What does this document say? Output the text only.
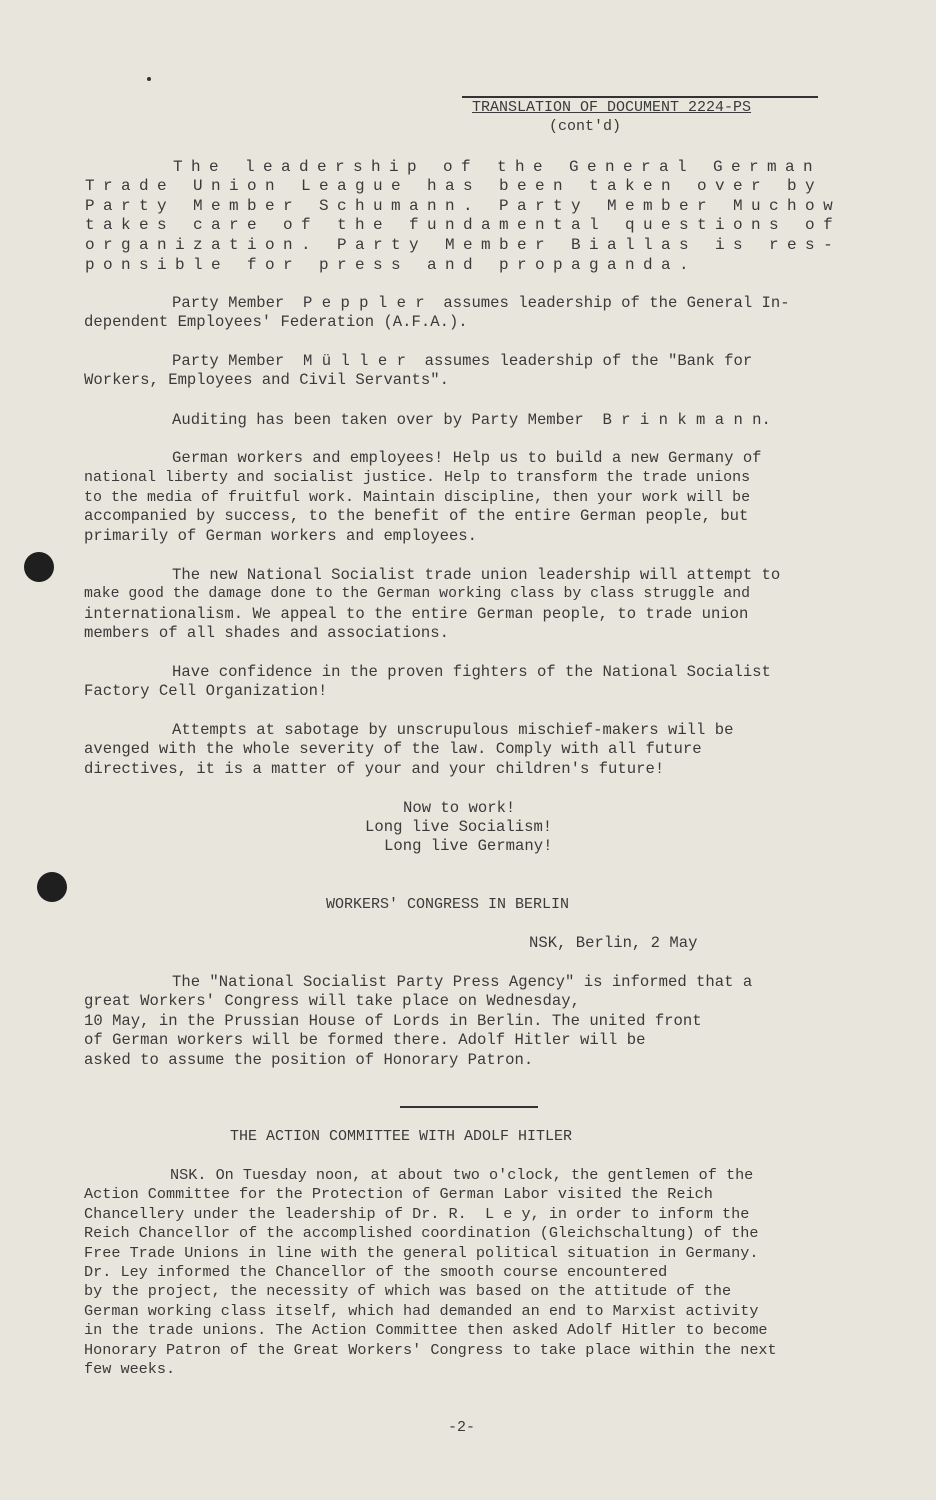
TRANSLATION OF DOCUMENT 2224-PS
(cont'd)
The leadership of the General German
Trade Union League has been taken over by
Party Member Schumann. Party Member Muchow
takes care of the fundamental questions of
organization. Party Member Biallas is res-
ponsible for press and propaganda.
Party Member  P e p p l e r  assumes leadership of the General In-
dependent Employees' Federation (A.F.A.).
Party Member  M ü l l e r  assumes leadership of the "Bank for
Workers, Employees and Civil Servants".
Auditing has been taken over by Party Member  B r i n k m a n n.
German workers and employees! Help us to build a new Germany of
national liberty and socialist justice. Help to transform the trade unions
to the media of fruitful work. Maintain discipline, then your work will be
accompanied by success, to the benefit of the entire German people, but
primarily of German workers and employees.
The new National Socialist trade union leadership will attempt to
make good the damage done to the German working class by class struggle and
internationalism. We appeal to the entire German people, to trade union
members of all shades and associations.
Have confidence in the proven fighters of the National Socialist
Factory Cell Organization!
Attempts at sabotage by unscrupulous mischief-makers will be
avenged with the whole severity of the law. Comply with all future
directives, it is a matter of your and your children's future!
Now to work!
Long live Socialism!
Long live Germany!
WORKERS' CONGRESS IN BERLIN
NSK, Berlin, 2 May
The "National Socialist Party Press Agency" is informed that a
great Workers' Congress will take place on Wednesday,
10 May, in the Prussian House of Lords in Berlin. The united front
of German workers will be formed there. Adolf Hitler will be
asked to assume the position of Honorary Patron.
THE ACTION COMMITTEE WITH ADOLF HITLER
NSK. On Tuesday noon, at about two o'clock, the gentlemen of the
Action Committee for the Protection of German Labor visited the Reich
Chancellery under the leadership of Dr. R.  L e y, in order to inform the
Reich Chancellor of the accomplished coordination (Gleichschaltung) of the
Free Trade Unions in line with the general political situation in Germany.
Dr. Ley informed the Chancellor of the smooth course encountered
by the project, the necessity of which was based on the attitude of the
German working class itself, which had demanded an end to Marxist activity
in the trade unions. The Action Committee then asked Adolf Hitler to become
Honorary Patron of the Great Workers' Congress to take place within the next
few weeks.
-2-
